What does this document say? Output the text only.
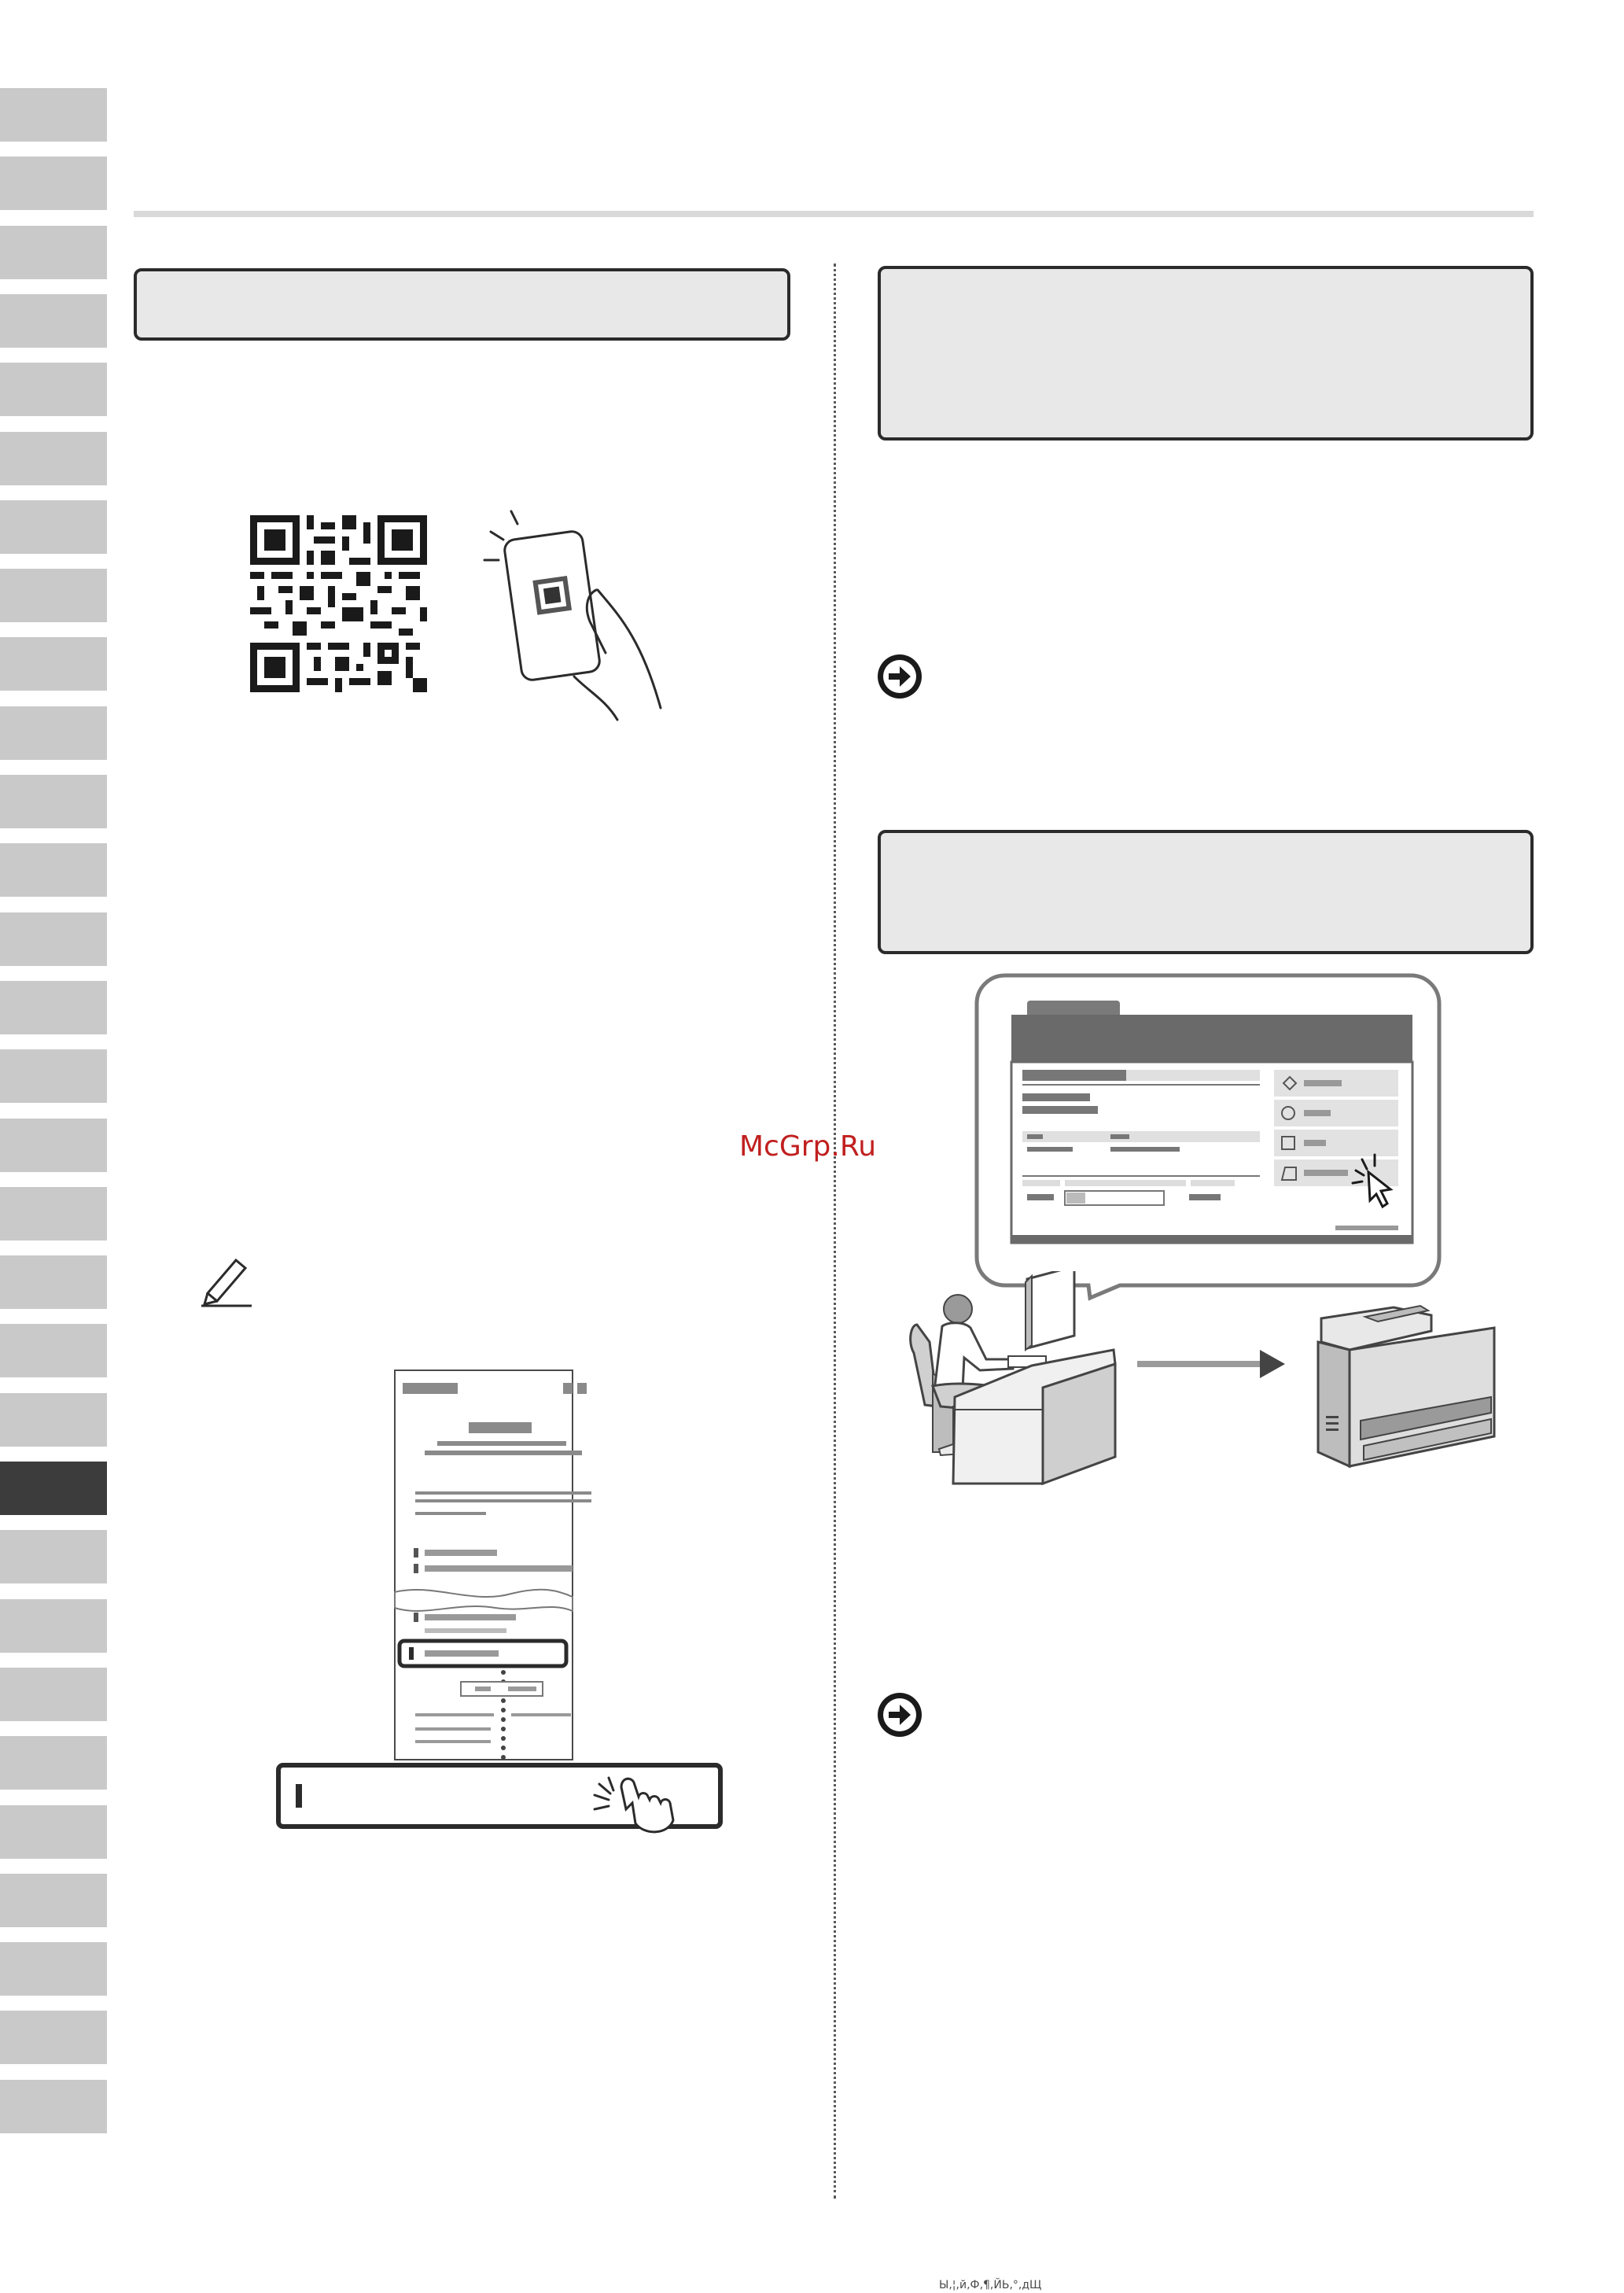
McGrp.Ru
Ы,¦,й,Ф,¶,ЙЬ,°,дЩ
